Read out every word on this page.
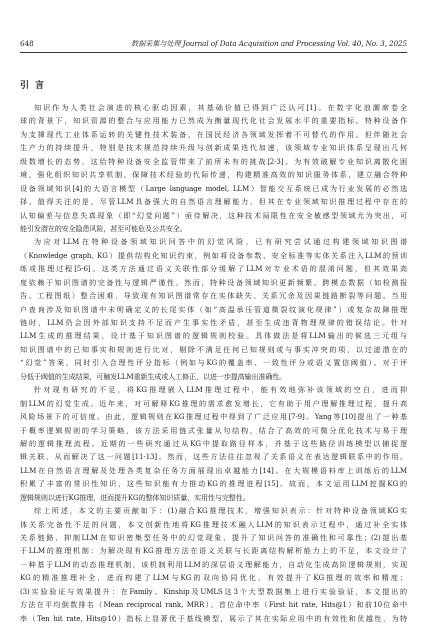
648	数据采集与处理 Journal of Data Acquisition and Processing Vol. 40, No. 3, 2025
引言
知识作为人类社会演进的核心驱动因素，其基础价值已得到广泛认可[1]。在数字化浪潮席卷全
球的背景下，知识资源的整合与应用能力已然成为衡量现代化社会发展水平的重要指标。特种设备作
为支撑现代工业体系运转的关键性技术装备，在国民经济各领域发挥着不可替代的作用。但伴随社会
生产力的持续提升，特别是技术规范持续升级与创新成果迭代加速，该领域专业知识体系呈现出几何
级数增长的态势，这给特种设备安全监管带来了前所未有的挑战[2-3]。为有效破解专业知识离散化困
境，强化组织知识共享机制，保障技术经验的代际传递，构建精准高效的知识服务体系，建立融合特种
设备领域知识[4]的大语言模型（Large language model, LLM）智能交互系统已成为行业发展的必然选
择。值得关注的是，尽管LLM具备强大的自然语言理解能力，但其在专业领域知识推理过程中存在的
认知偏差与信息失真现象（即“幻觉问题”）亟待解决，这种技术局限性在安全敏感型领域尤为突出，可
能引发潜在的安全隐患风险，甚至可能危及公共安全。
为应对LLM在特种设备领域知识问答中的幻觉风险，已有研究尝试通过构建领域知识图谱
（Knowledge graph, KG）提供结构化知识约束，例如将设备参数、安全标准等实体关系注入LLM的预训
练或推理过程[5-6]。这类方法通过语义关联性部分缓解了LLM对专业术语的混淆问题，但其效果高
度依赖于知识图谱的完备性与逻辑严谨性。然而，特种设备领域知识更新频繁、跨模态数据（如检测报
告、工程图纸）整合困难，导致现有知识图谱常存在实体缺失、关系冗余及因果链路断裂等问题。当用
户查询涉及知识图谱中未明确定义的长尾实体（如“高温承压管道微裂纹演化规律”）或复杂故障推理
链时，LLM仍会因外部知识支持不足而产生事实性矛盾，甚至生成违背物理规律的错误结论。针对
LLM生成的推理结果，设计基于知识图谱的逻辑规则校验。具体做法是将LLM输出的候选三元组与
知识图谱中的已知事实和规则进行比对，剔除不满足任何已知规则或与事实冲突的项，以过滤潜在的
“幻觉”答案，同时引入合理性评分指标（例如与KG的覆盖率、一致性评分或语义置信阈值）。对于评
分低于阈值的生成结果，可触发LLM重新生成或人工修正，以进一步提高输出准确性。
针对现有研究的不足，将KG推理嵌入LLM推理过程中，能有效地弥补该领域的空白，进而抑
制LLM的幻觉生成。近年来，对可解释KG推理的需求愈发增长，它有助于用户理解推理过程，提升高
风险场景下的可信度。由此，逻辑规则在KG推理过程中得到了广泛应用[7-9]。Yang等[10]提出了一种基
于概率逻辑规则的学习策略，该方法采用链式张量从句结构，结合了高效的可微分优化技术与易于理
解的逻辑推理流程。近期的一些研究通过从KG中提取路径样本，并基于这些路径训练模型以捕捉逻
辑关联，从而解决了这一问题[11-13]。然而，这些方法往往忽视了关系语义在表达逻辑联系中的作用。
LLM在自然语言理解及处理各类复杂任务方面展现出卓越能力[14]。在大规模语料库上训练后的LLM
积累了丰富的常识性知识，这些知识能有力推动KG的推理进程[15]。故而，本文运用LLM挖掘KG的
逻辑规则以进行KG推理，进而提升KG的整体知识质量，实用性与完整性。
综上所述，本文的主要贡献如下：(1)融合KG推理技术，增强知识表示：针对特种设备领域KG实
体关系完备性不足的问题，本文创新性地将KG推理技术融入LLM的知识表示过程中，通过补全实体
关系链路，抑制LLM在知识密集型任务中的幻觉现象，提升了知识问答的准确性和可靠性；(2)提出基
于LLM的推理机制：为解决现有KG推理方法在语义关联与长距离结构解析能力上的不足，本文设计了
一种基于LLM的动态推理机制，该机制利用LLM的深层语义理解能力，自动化生成高阶逻辑规则，实现
KG的精准推理补全，进而构建了LLM与KG的双向协同优化，有效提升了KG推理的效率和精度；
(3)实验验证与效果提升：在Family、Kinship及UMLS这3个大型数据集上进行实验验证，本文提出的
方法在平均倒数排名（Mean reciprocal rank, MRR）、首位命中率（First hit rate, Hits@1）和前10位命中
率（Ten hit rate, Hits@10）指标上显著优于基线模型，展示了其在实际应用中的有效性和优越性，为特
